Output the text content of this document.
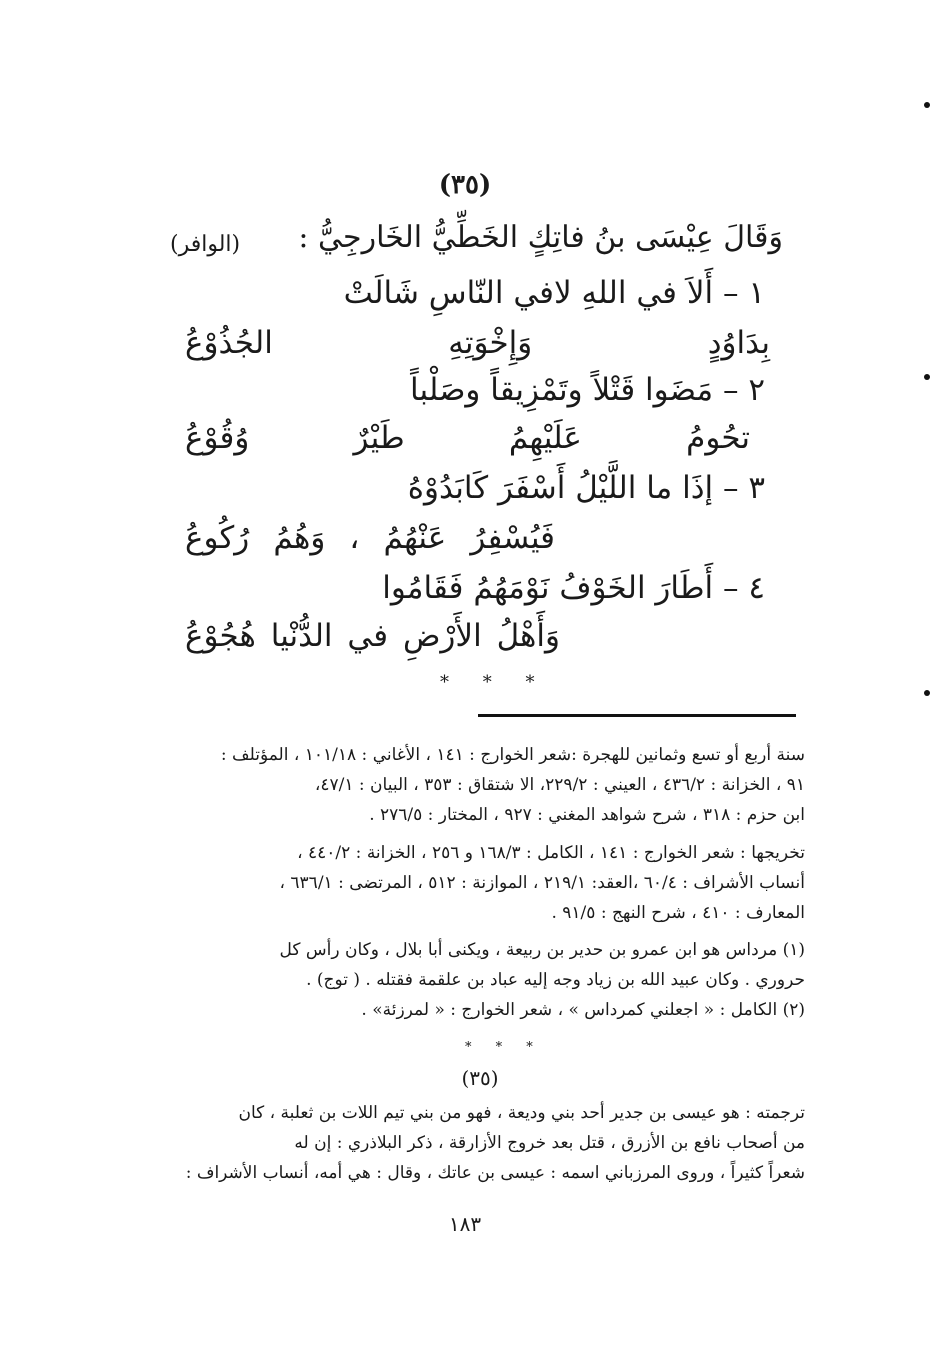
(٣٥)
وَقَالَ عِيْسَى بنُ فاتِكٍ الخَطِّيُّ الخَارجِيُّ :
(الوافر)
١ – أَلاَ في اللهِ لافي النّاسِ شَالَتْ
بِدَاوُدٍ وَإِخْوَتِهِ الجُذُوْعُ
٢ – مَضَوا قَتْلاً وتَمْزِيقاً وصَلْباً
تحُومُ عَلَيْهِمُ طَيْرٌ وُقُوْعُ
٣ – إذَا ما اللَّيْلُ أَسْفَرَ كَابَدُوْهُ
فَيُسْفِرُ عَنْهُمُ ، وَهُمُ رُكُوعُ
٤ – أَطَارَ الخَوْفُ نَوْمَهُمُ فَقَامُوا
وَأَهْلُ الأَرْضِ في الدُّنْيا هُجُوْعُ
* * *
سنة أربع أو تسع وثمانين للهجرة :شعر الخوارج : ١٤١ ، الأغاني : ١٠١/١٨ ، المؤتلف :
٩١ ، الخزانة : ٤٣٦/٢ ، العيني : ٢٢٩/٢، الا شتقاق : ٣٥٣ ، البيان : ٤٧/١،
ابن حزم : ٣١٨ ، شرح شواهد المغني : ٩٢٧ ، المختار : ٢٧٦/٥ .
تخريجها : شعر الخوارج : ١٤١ ، الكامل : ١٦٨/٣ و ٢٥٦ ، الخزانة : ٤٤٠/٢ ،
أنساب الأشراف : ٦٠/٤ ،العقد: ٢١٩/١ ، الموازنة : ٥١٢ ، المرتضى : ٦٣٦/١ ،
المعارف : ٤١٠ ، شرح النهج : ٩١/٥ .
(١) مرداس هو ابن عمرو بن حدير بن ربيعة ، ويكنى أبا بلال ، وكان رأس كل
حروري . وكان عبيد الله بن زياد وجه إليه عباد بن علقمة فقتله . ( توج) .
(٢) الكامل : « اجعلني كمرداس » ، شعر الخوارج : « لمرزئة» .
* * *
(٣٥)
ترجمته : هو عيسى بن جدير أحد بني وديعة ، فهو من بني تيم اللات بن ثعلبة ، كان
من أصحاب نافع بن الأزرق ، قتل بعد خروج الأزارقة ، ذكر البلاذري : إن له
شعراً كثيراً ، وروى المرزباني اسمه : عيسى بن عاتك ، وقال : هي أمه، أنساب الأشراف :
١٨٣
